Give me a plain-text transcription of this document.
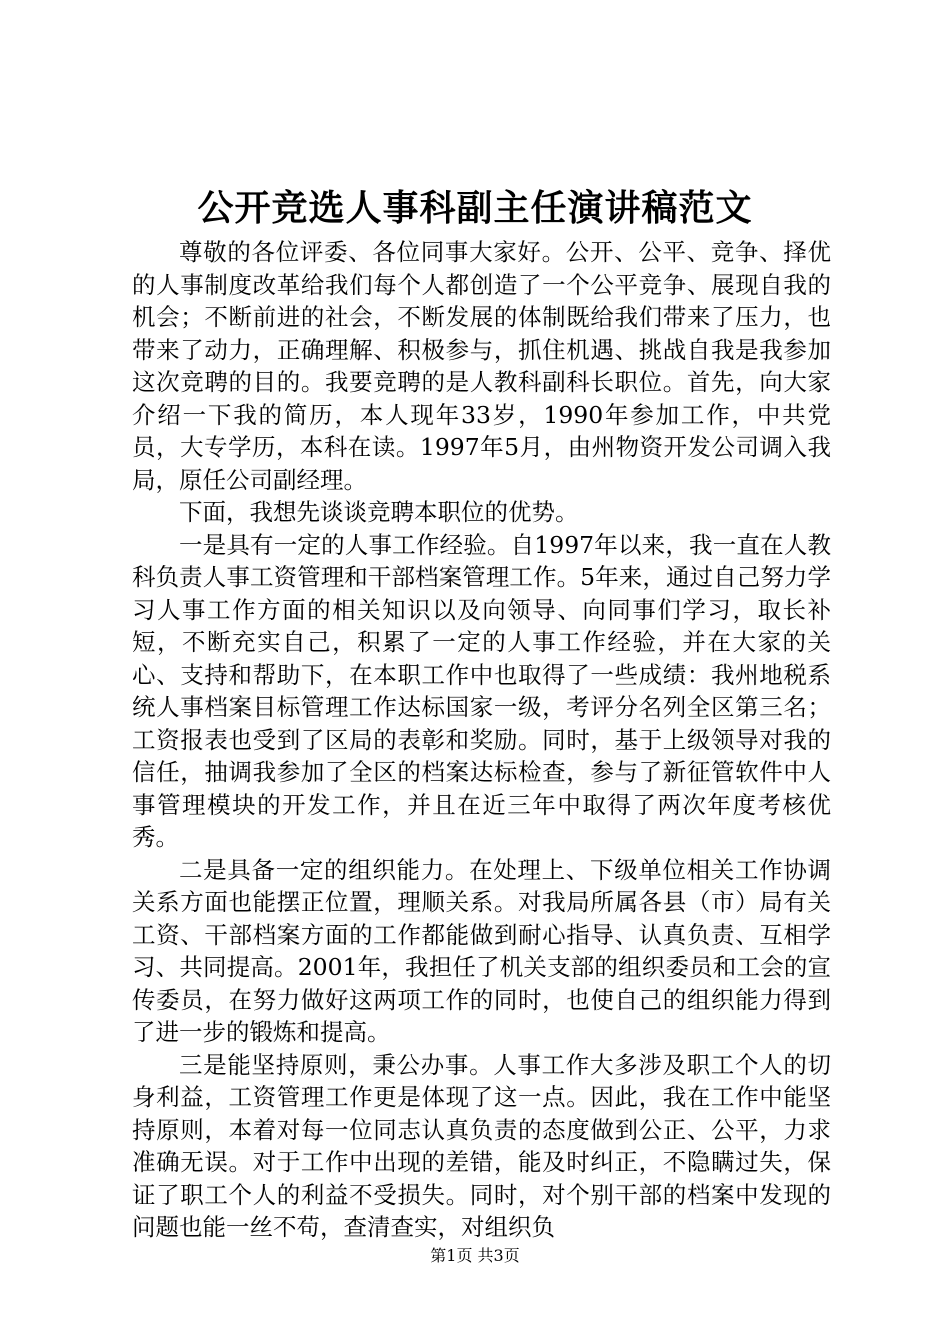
公开竞选人事科副主任演讲稿范文

尊敬的各位评委、各位同事大家好。公开、公平、竞争、择优的人事制度改革给我们每个人都创造了一个公平竞争、展现自我的机会；不断前进的社会，不断发展的体制既给我们带来了压力，也带来了动力，正确理解、积极参与，抓住机遇、挑战自我是我参加这次竞聘的目的。我要竞聘的是人教科副科长职位。首先，向大家介绍一下我的简历，本人现年33岁，1990年参加工作，中共党员，大专学历，本科在读。1997年5月，由州物资开发公司调入我局，原任公司副经理。

下面，我想先谈谈竞聘本职位的优势。

一是具有一定的人事工作经验。自1997年以来，我一直在人教科负责人事工资管理和干部档案管理工作。5年来，通过自己努力学习人事工作方面的相关知识以及向领导、向同事们学习，取长补短，不断充实自己，积累了一定的人事工作经验，并在大家的关心、支持和帮助下，在本职工作中也取得了一些成绩：我州地税系统人事档案目标管理工作达标国家一级，考评分名列全区第三名；工资报表也受到了区局的表彰和奖励。同时，基于上级领导对我的信任，抽调我参加了全区的档案达标检查，参与了新征管软件中人事管理模块的开发工作，并且在近三年中取得了两次年度考核优秀。

二是具备一定的组织能力。在处理上、下级单位相关工作协调关系方面也能摆正位置，理顺关系。对我局所属各县（市）局有关工资、干部档案方面的工作都能做到耐心指导、认真负责、互相学习、共同提高。2001年，我担任了机关支部的组织委员和工会的宣传委员，在努力做好这两项工作的同时，也使自己的组织能力得到了进一步的锻炼和提高。

三是能坚持原则，秉公办事。人事工作大多涉及职工个人的切身利益，工资管理工作更是体现了这一点。因此，我在工作中能坚持原则，本着对每一位同志认真负责的态度做到公正、公平，力求准确无误。对于工作中出现的差错，能及时纠正，不隐瞒过失，保证了职工个人的利益不受损失。同时，对个别干部的档案中发现的问题也能一丝不苟，查清查实，对组织负

第1页 共3页
